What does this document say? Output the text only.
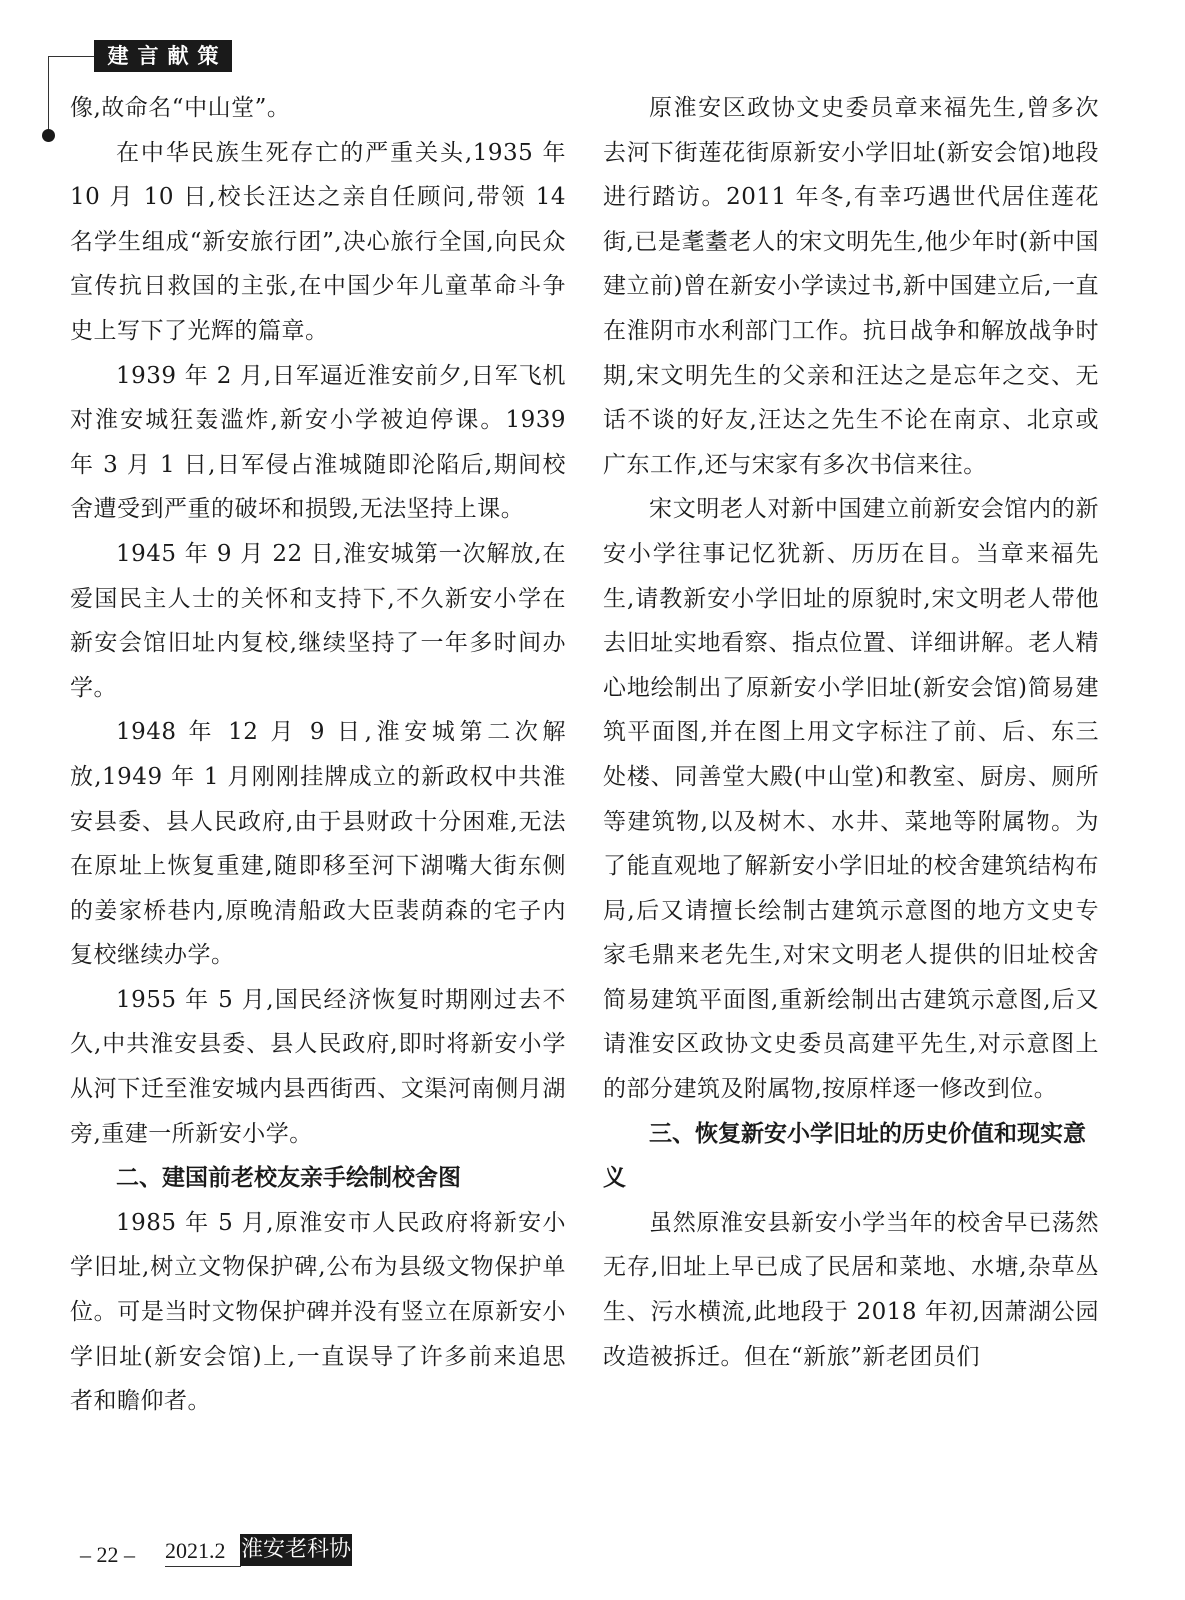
建言献策

像,故命名“中山堂”。

在中华民族生死存亡的严重关头,1935 年 10 月 10 日,校长汪达之亲自任顾问,带领 14 名学生组成“新安旅行团”,决心旅行全国,向民众宣传抗日救国的主张,在中国少年儿童革命斗争史上写下了光辉的篇章。

1939 年 2 月,日军逼近淮安前夕,日军飞机对淮安城狂轰滥炸,新安小学被迫停课。1939 年 3 月 1 日,日军侵占淮城随即沦陷后,期间校舍遭受到严重的破坏和损毁,无法坚持上课。

1945 年 9 月 22 日,淮安城第一次解放,在爱国民主人士的关怀和支持下,不久新安小学在新安会馆旧址内复校,继续坚持了一年多时间办学。

1948 年 12 月 9 日,淮安城第二次解放,1949 年 1 月刚刚挂牌成立的新政权中共淮安县委、县人民政府,由于县财政十分困难,无法在原址上恢复重建,随即移至河下湖嘴大街东侧的姜家桥巷内,原晚清船政大臣裴荫森的宅子内复校继续办学。

1955 年 5 月,国民经济恢复时期刚过去不久,中共淮安县委、县人民政府,即时将新安小学从河下迁至淮安城内县西街西、文渠河南侧月湖旁,重建一所新安小学。

二、建国前老校友亲手绘制校舍图

1985 年 5 月,原淮安市人民政府将新安小学旧址,树立文物保护碑,公布为县级文物保护单位。可是当时文物保护碑并没有竖立在原新安小学旧址(新安会馆)上,一直误导了许多前来追思者和瞻仰者。

原淮安区政协文史委员章来福先生,曾多次去河下街莲花街原新安小学旧址(新安会馆)地段进行踏访。2011 年冬,有幸巧遇世代居住莲花街,已是耄耋老人的宋文明先生,他少年时(新中国建立前)曾在新安小学读过书,新中国建立后,一直在淮阴市水利部门工作。抗日战争和解放战争时期,宋文明先生的父亲和汪达之是忘年之交、无话不谈的好友,汪达之先生不论在南京、北京或广东工作,还与宋家有多次书信来往。

宋文明老人对新中国建立前新安会馆内的新安小学往事记忆犹新、历历在目。当章来福先生,请教新安小学旧址的原貌时,宋文明老人带他去旧址实地看察、指点位置、详细讲解。老人精心地绘制出了原新安小学旧址(新安会馆)简易建筑平面图,并在图上用文字标注了前、后、东三处楼、同善堂大殿(中山堂)和教室、厨房、厕所等建筑物,以及树木、水井、菜地等附属物。为了能直观地了解新安小学旧址的校舍建筑结构布局,后又请擅长绘制古建筑示意图的地方文史专家毛鼎来老先生,对宋文明老人提供的旧址校舍简易建筑平面图,重新绘制出古建筑示意图,后又请淮安区政协文史委员高建平先生,对示意图上的部分建筑及附属物,按原样逐一修改到位。

三、恢复新安小学旧址的历史价值和现实意义

虽然原淮安县新安小学当年的校舍早已荡然无存,旧址上早已成了民居和菜地、水塘,杂草丛生、污水横流,此地段于 2018 年初,因萧湖公园改造被拆迁。但在“新旅”新老团员们

– 22 – 2021.2 淮安老科协
